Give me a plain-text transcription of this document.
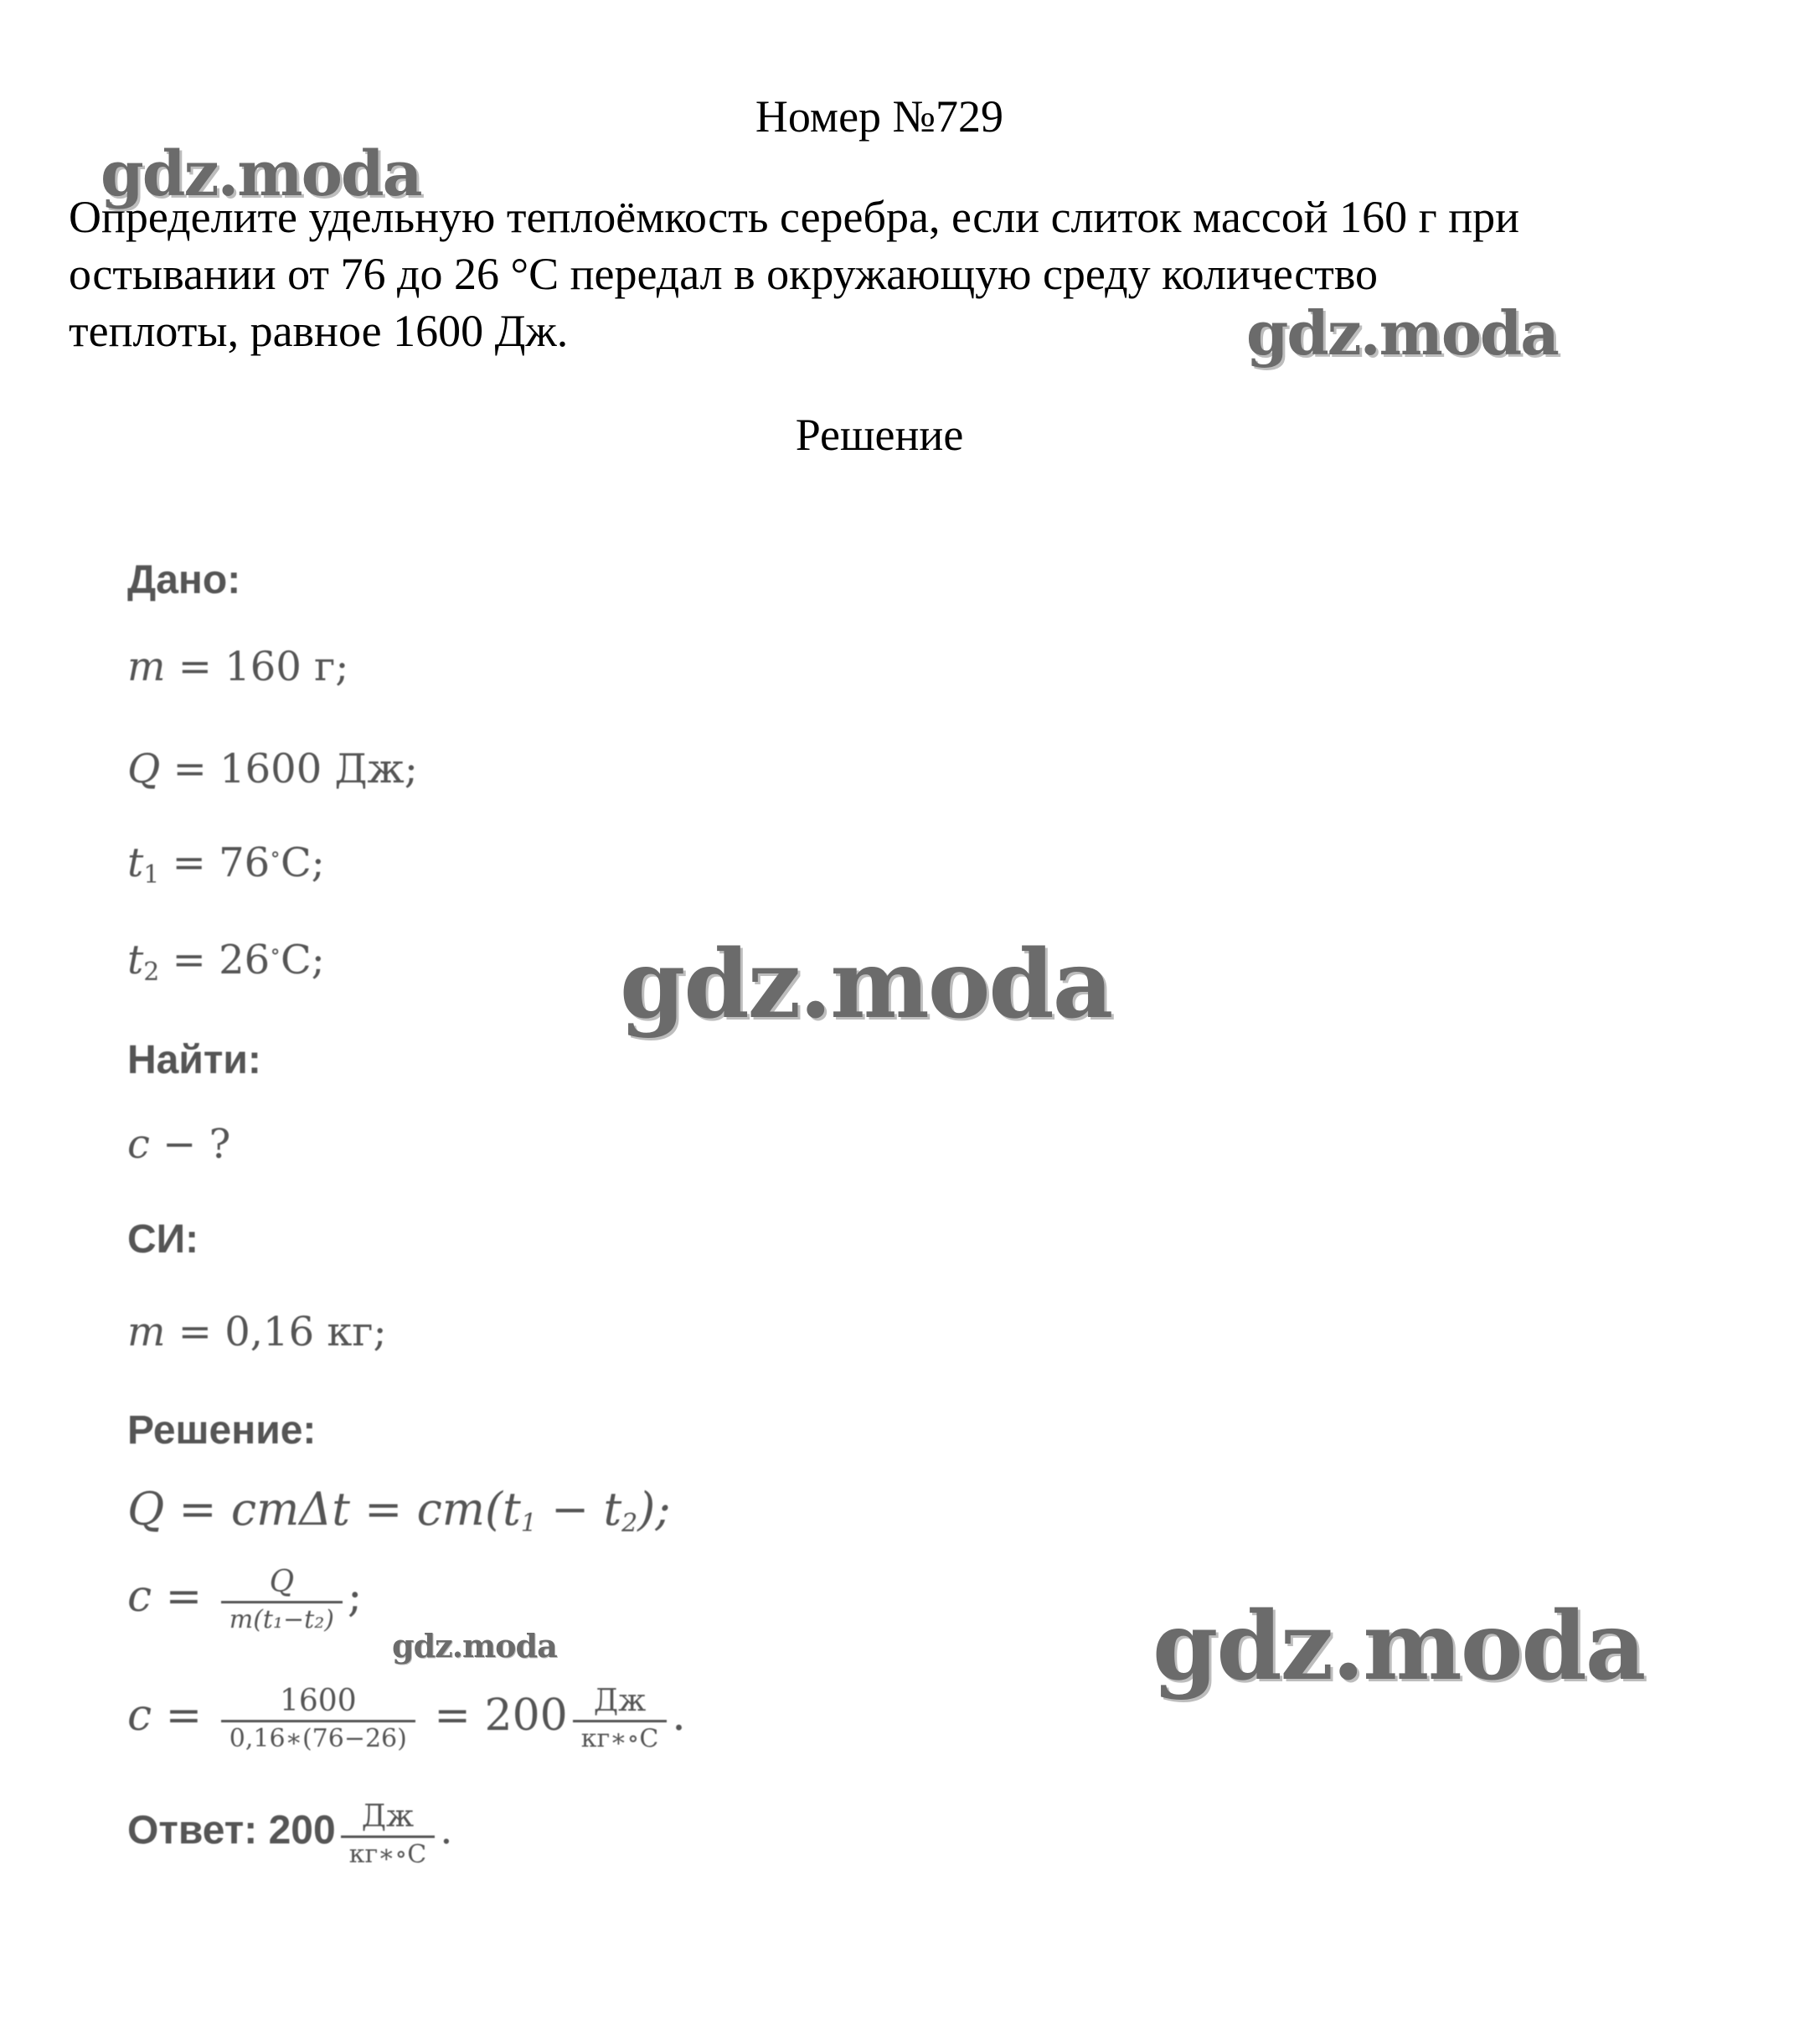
Номер №729
Определите удельную теплоёмкость серебра, если слиток массой 160 г при
остывании от 76 до 26 °С передал в окружающую среду количество
теплоты, равное 1600 Дж.
Решение
Дано:
m = 160 г;
Q = 1600 Дж;
$t_1 = 76^\circ C$;
$t_2 = 26^\circ C$;
Найти:
c − ?
СИ:
m = 0,16 кг;
Решение:
$Q = cm\Delta t = cm(t_1 - t_2)$;
$c = \frac{Q}{\text{m(t₁−t₂)}}$ ;
$c = \frac{1600}{0,16∗(76-26)} = 200 \frac{Дж}{кг∗\circ С}$ .
Ответ: $200 \frac{Дж}{кг∗\circ С}$ .
gdz.moda
gdz.moda
gdz.moda
gdz.moda
gdz.moda
